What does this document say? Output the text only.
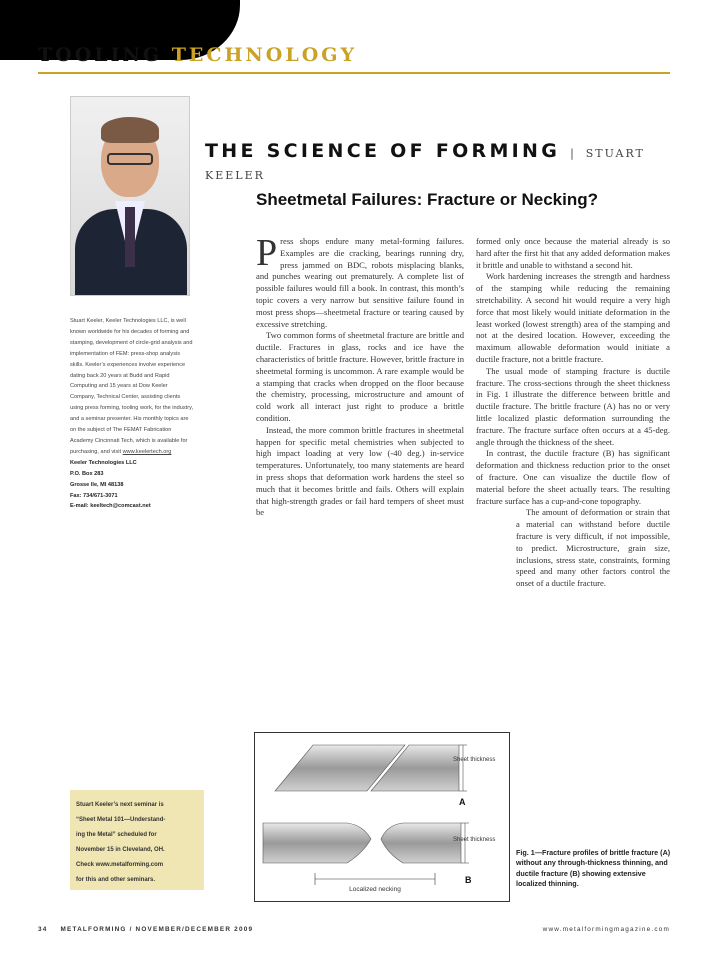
TOOLING TECHNOLOGY
Stuart Keeler, Keeler Technologies LLC, is well known worldwide for his decades of forming and stamping, development of circle-grid analysis and implementation of FEM: press-shop analysis skills. Keeler’s experiences involve experience dating back 20 years at Budd and Rapid Computing and 15 years at Dow Keeler Company, Technical Center, assisting clients using press forming, tooling work, for the industry, and a seminar presenter. His monthly topics are on the subject of The FEMAT Fabrication Academy Cincinnati Tech, which is available for purchasing, and visit www.keelertech.org
Keeler Technologies LLC
P.O. Box 283
Grosse Ile, MI 48138
Fax: 734/671-3071
E-mail: keeltech@comcast.net
Stuart Keeler’s next seminar is
“Sheet Metal 101—Understand-
ing the Metal” scheduled for
November 15 in Cleveland, OH.
Check www.metalforming.com
for this and other seminars.
THE SCIENCE OF FORMING | STUART KEELER
Sheetmetal Failures: Fracture or Necking?

Press shops endure many metal-forming failures. Examples are die cracking, bearings running dry, press jammed on BDC, robots misplacing blanks, and punches wearing out prematurely. A complete list of possible failures would fill a book. In contrast, this month’s topic covers a very narrow but sensitive failure found in most press shops—sheetmetal fracture or tearing caused by excessive stretching.

Two common forms of sheetmetal fracture are brittle and ductile. Fractures in glass, rocks and ice have the characteristics of brittle fracture. However, brittle fracture in sheetmetal forming is uncommon. A rare example would be a stamping that cracks when dropped on the floor because the chemistry, processing, microstructure and amount of cold work all interact just right to produce a brittle condition.

Instead, the more common brittle fractures in sheetmetal happen for specific metal chemistries when subjected to high impact loading at very low (-40 deg.) in-service temperatures. Unfortunately, too many statements are heard in press shops that deformation work hardens the steel so much that it becomes brittle and fails. Others will explain that high-strength grades or fail hard tempers of sheet must be

formed only once because the material already is so hard after the first hit that any added deformation makes it brittle and unable to withstand a second hit.

Work hardening increases the strength and hardness of the stamping while reducing the remaining stretchability. A second hit would require a very high force that most likely would initiate deformation in the least worked (lowest strength) area of the stamping and not at the desired location. However, exceeding the maximum allowable deformation would initiate a ductile fracture, not a brittle fracture.

The usual mode of stamping fracture is ductile fracture. The cross-sections through the sheet thickness in Fig. 1 illustrate the difference between brittle and ductile fracture. The brittle fracture (A) has no or very little localized plastic deformation surrounding the fracture. The fracture surface often occurs at a 45-deg. angle through the thickness of the sheet.

In contrast, the ductile fracture (B) has significant deformation and thickness reduction prior to the onset of fracture. One can visualize the ductile flow of material before the sheet actually tears. The resulting fracture surface has a cup-and-cone topography.

The amount of deformation or strain that a material can withstand before ductile fracture is very difficult, if not impossible, to predict. Microstructure, grain size, inclusions, stress state, constraints, forming speed and many other factors control the onset of a ductile fracture.

Sheet thickness
A
Sheet thickness
B
Localized necking
Fig. 1—Fracture profiles of brittle fracture (A) without any through-thickness thinning, and ductile fracture (B) showing extensive localized thinning.
34 METALFORMING / NOVEMBER/DECEMBER 2009	www.metalformingmagazine.com
